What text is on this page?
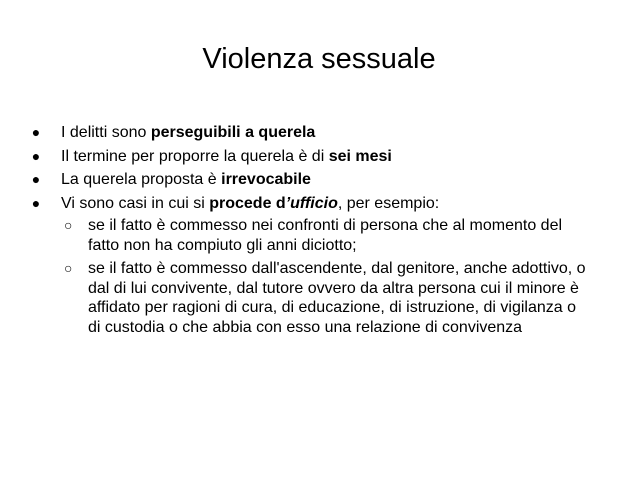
Violenza sessuale
● I delitti sono perseguibili a querela
● Il termine per proporre la querela è di sei mesi
● La querela proposta è irrevocabile
● Vi sono casi in cui si procede d’ufficio, per esempio:
○ se il fatto è commesso nei confronti di persona che al momento del fatto non ha compiuto gli anni diciotto;
○ se il fatto è commesso dall'ascendente, dal genitore, anche adottivo, o dal di lui convivente, dal tutore ovvero da altra persona cui il minore è affidato per ragioni di cura, di educazione, di istruzione, di vigilanza o di custodia o che abbia con esso una relazione di convivenza
